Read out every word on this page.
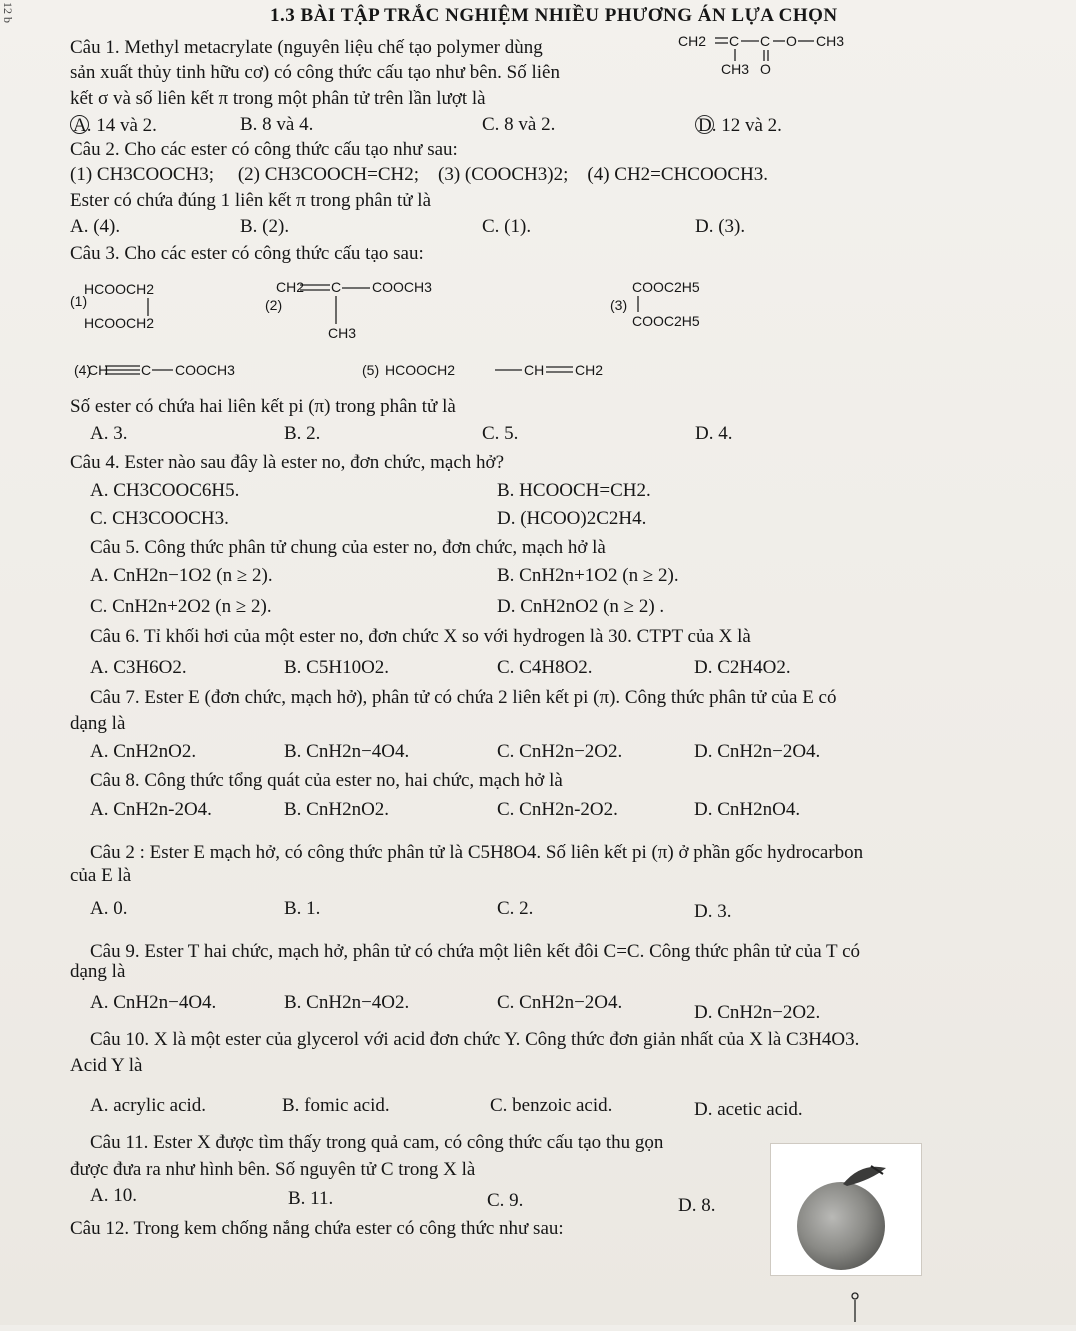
12 b	1.3 BÀI TẬP TRẮC NGHIỆM NHIỀU PHƯƠNG ÁN LỰA CHỌN
Câu 1. Methyl metacrylate (nguyên liệu chế tạo polymer dùng
sản xuất thủy tinh hữu cơ) có công thức cấu tạo như bên. Số liên
kết σ và số liên kết π trong một phân tử trên lần lượt là
CH2 C C O CH3
CH3 O
A. 14 và 2.	B. 8 và 4.	C. 8 và 2.	D. 12 và 2.
Câu 2. Cho các ester có công thức cấu tạo như sau:
(1) CH3COOCH3;     (2) CH3COOCH=CH2;    (3) (COOCH3)2;    (4) CH2=CHCOOCH3.
Ester có chứa đúng 1 liên kết π trong phân tử là
A. (4).	B. (2).	C. (1).	D. (3).
Câu 3. Cho các ester có công thức cấu tạo sau:
(1)
HCOOCH2
HCOOCH2
(2)
CH2 C COOCH3
CH3
(3)
COOC2H5
COOC2H5
(4)
CH C COOCH3	(5) HCOOCH2	CH CH2
Số ester có chứa hai liên kết pi (π) trong phân tử là
A. 3.	B. 2.	C. 5.	D. 4.
Câu 4. Ester nào sau đây là ester no, đơn chức, mạch hở?
A. CH3COOC6H5.	B. HCOOCH=CH2.
C. CH3COOCH3.	D. (HCOO)2C2H4.
Câu 5. Công thức phân tử chung của ester no, đơn chức, mạch hở là
A. CnH2n−1O2 (n ≥ 2).	B. CnH2n+1O2 (n ≥ 2).
C. CnH2n+2O2 (n ≥ 2).	D. CnH2nO2 (n ≥ 2) .
Câu 6. Tỉ khối hơi của một ester no, đơn chức X so với hydrogen là 30. CTPT của X là
A. C3H6O2.	B. C5H10O2.	C. C4H8O2.	D. C2H4O2.
Câu 7. Ester E (đơn chức, mạch hở), phân tử có chứa 2 liên kết pi (π). Công thức phân tử của E có
dạng là
A. CnH2nO2.	B. CnH2n−4O4.	C. CnH2n−2O2.	D. CnH2n−2O4.
Câu 8. Công thức tổng quát của ester no, hai chức, mạch hở là
A. CnH2n-2O4.	B. CnH2nO2.	C. CnH2n-2O2.	D. CnH2nO4.
Câu 2 : Ester E mạch hở, có công thức phân tử là C5H8O4. Số liên kết pi (π) ở phần gốc hydrocarbon
của E là
A. 0.	B. 1.	C. 2.	D. 3.
Câu 9. Ester T hai chức, mạch hở, phân tử có chứa một liên kết đôi C=C. Công thức phân tử của T có
dạng là
A. CnH2n−4O4.	B. CnH2n−4O2.	C. CnH2n−2O4.	D. CnH2n−2O2.
Câu 10. X là một ester của glycerol với acid đơn chức Y. Công thức đơn giản nhất của X là C3H4O3.
Acid Y là
A. acrylic acid.	B. fomic acid.	C. benzoic acid.	D. acetic acid.
Câu 11. Ester X được tìm thấy trong quả cam, có công thức cấu tạo thu gọn
được đưa ra như hình bên. Số nguyên tử C trong X là
A. 10.	B. 11.	C. 9.	D. 8.
Câu 12. Trong kem chống nắng chứa ester có công thức như sau:
